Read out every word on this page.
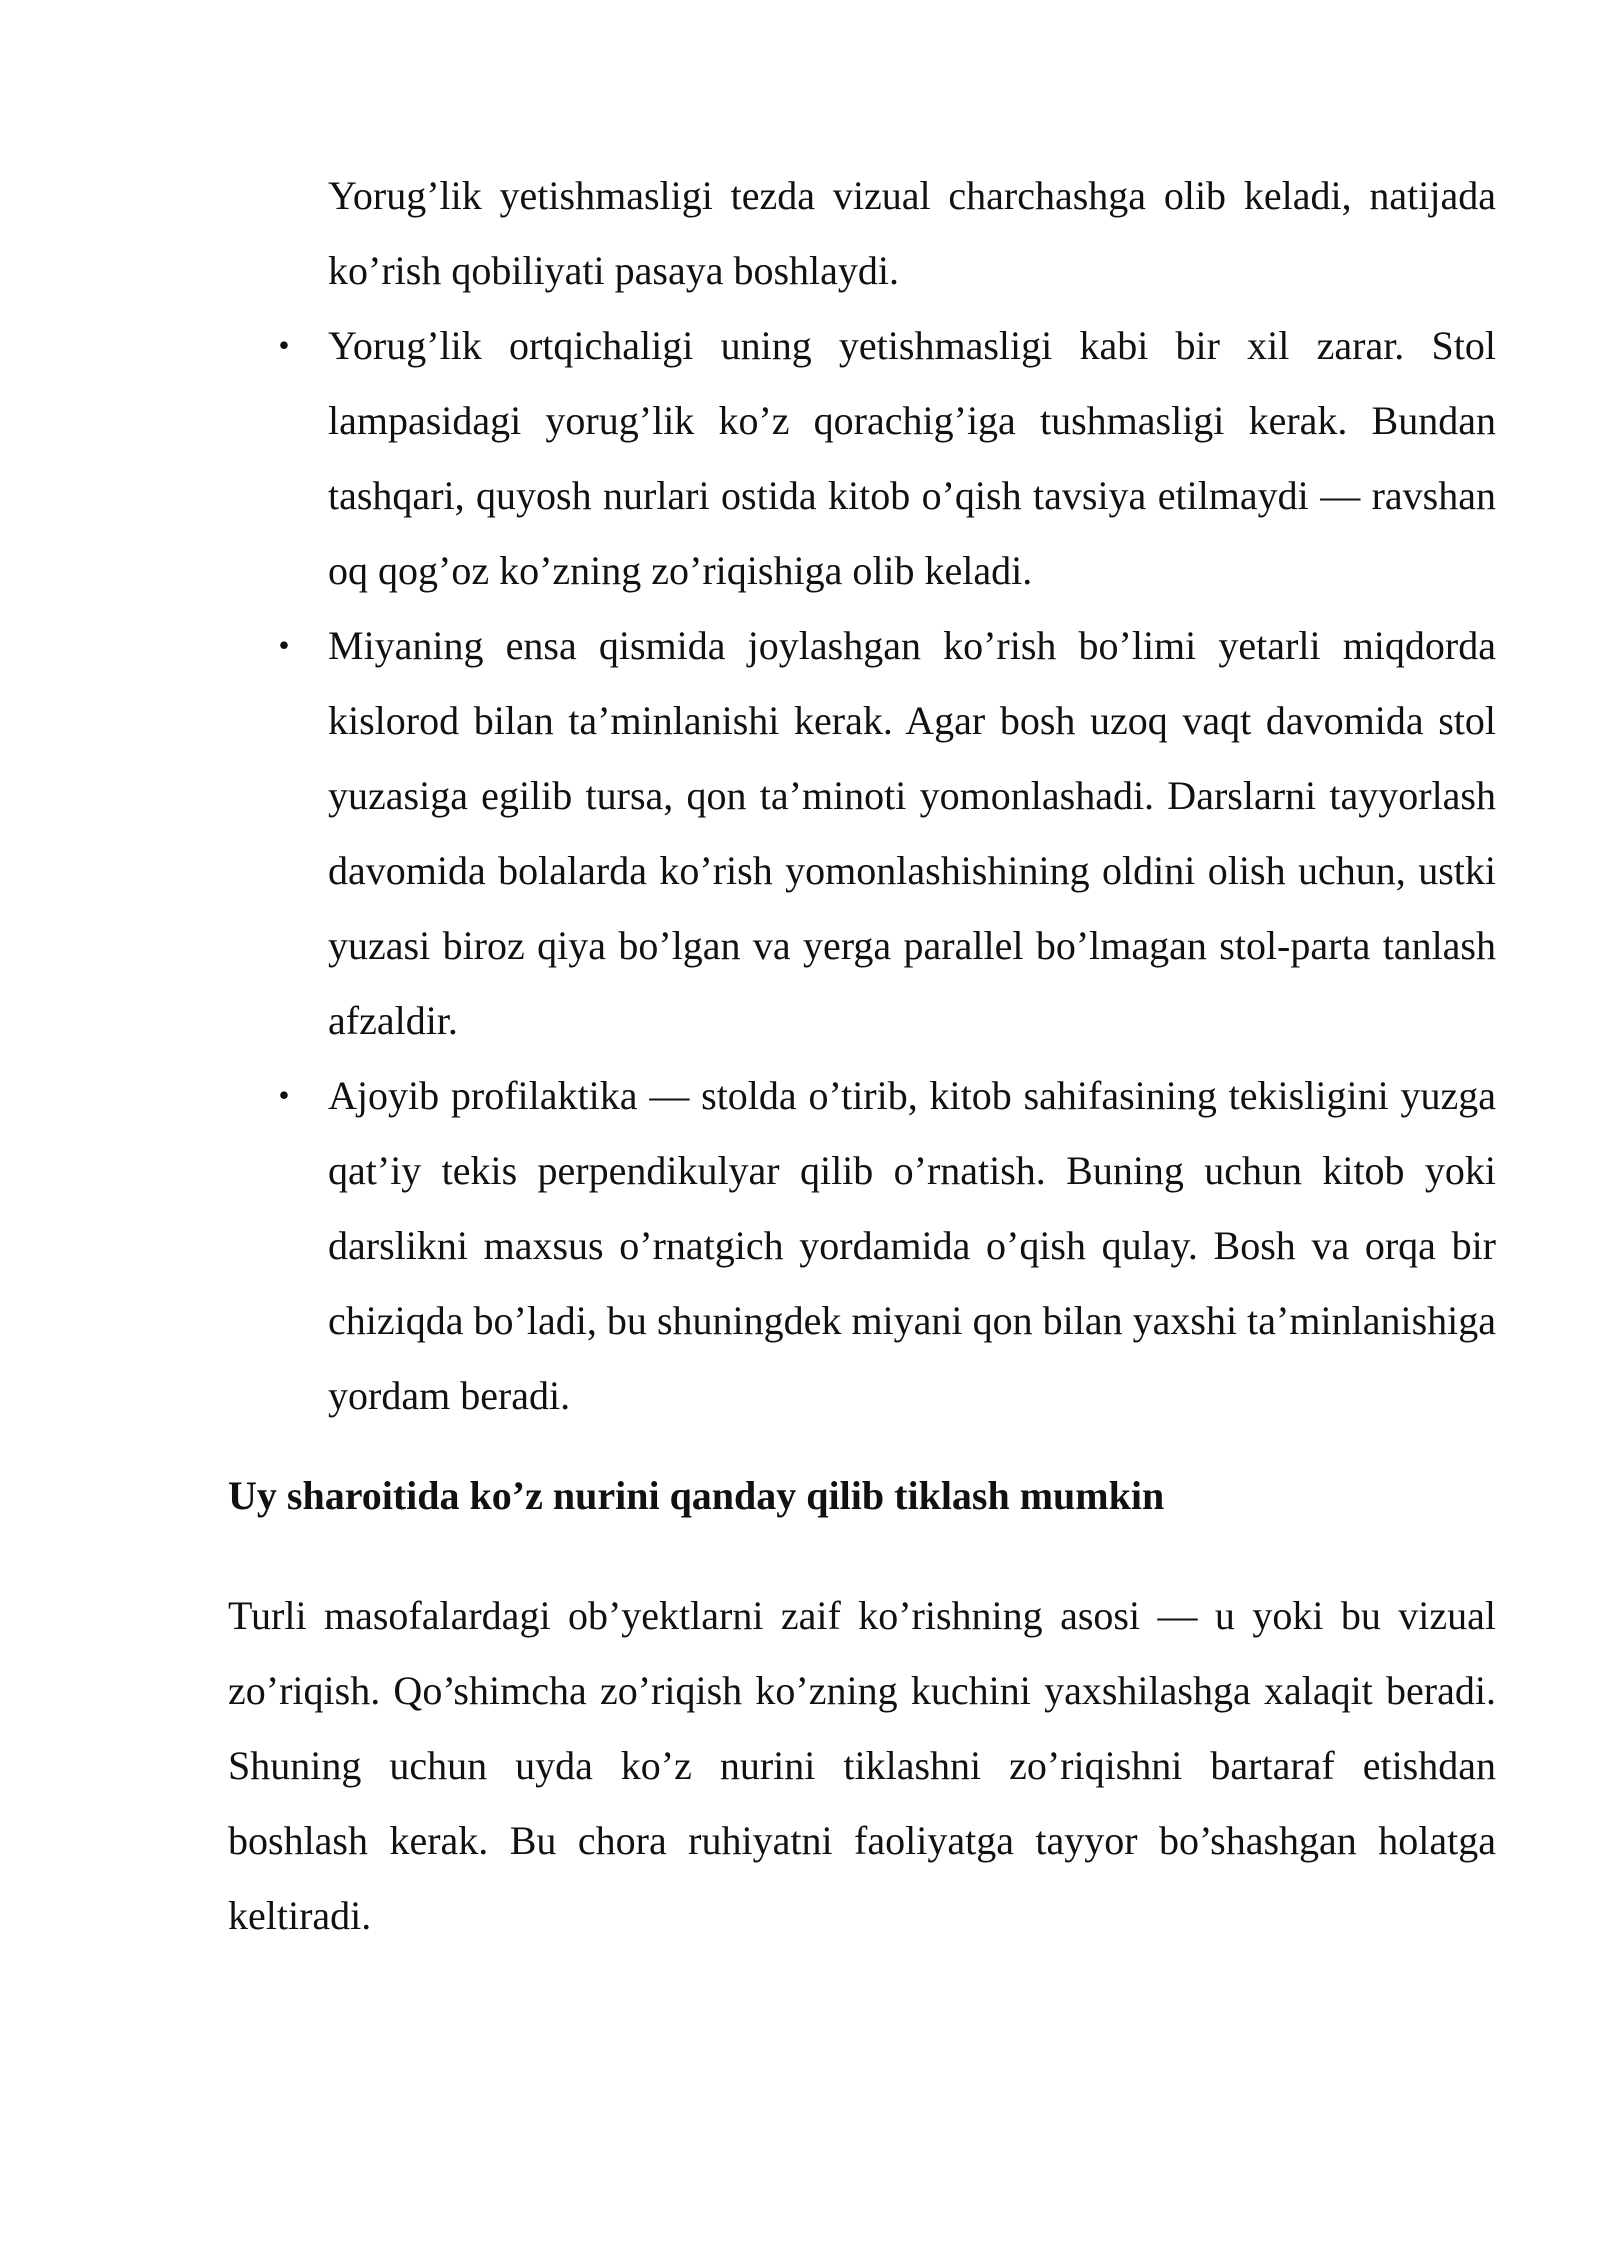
Yorug’lik yetishmasligi tezda vizual charchashga olib keladi, natijada ko’rish qobiliyati pasaya boshlaydi.
• Yorug’lik ortqichaligi uning yetishmasligi kabi bir xil zarar. Stol lampasidagi yorug’lik ko’z qorachig’iga tushmasligi kerak. Bundan tashqari, quyosh nurlari ostida kitob o’qish tavsiya etilmaydi — ravshan oq qog’oz ko’zning zo’riqishiga olib keladi.
• Miyaning ensa qismida joylashgan ko’rish bo’limi yetarli miqdorda kislorod bilan ta’minlanishi kerak. Agar bosh uzoq vaqt davomida stol yuzasiga egilib tursa, qon ta’minoti yomonlashadi. Darslarni tayyorlash davomida bolalarda ko’rish yomonlashishining oldini olish uchun, ustki yuzasi biroz qiya bo’lgan va yerga parallel bo’lmagan stol-parta tanlash afzaldir.
• Ajoyib profilaktika — stolda o’tirib, kitob sahifasining tekisligini yuzga qat’iy tekis perpendikulyar qilib o’rnatish. Buning uchun kitob yoki darslikni maxsus o’rnatgich yordamida o’qish qulay. Bosh va orqa bir chiziqda bo’ladi, bu shuningdek miyani qon bilan yaxshi ta’minlanishiga yordam beradi.
Uy sharoitida ko’z nurini qanday qilib tiklash mumkin

Turli masofalardagi ob’yektlarni zaif ko’rishning asosi — u yoki bu vizual zo’riqish. Qo’shimcha zo’riqish ko’zning kuchini yaxshilashga xalaqit beradi. Shuning uchun uyda ko’z nurini tiklashni zo’riqishni bartaraf etishdan boshlash kerak. Bu chora ruhiyatni faoliyatga tayyor bo’shashgan holatga keltiradi.
